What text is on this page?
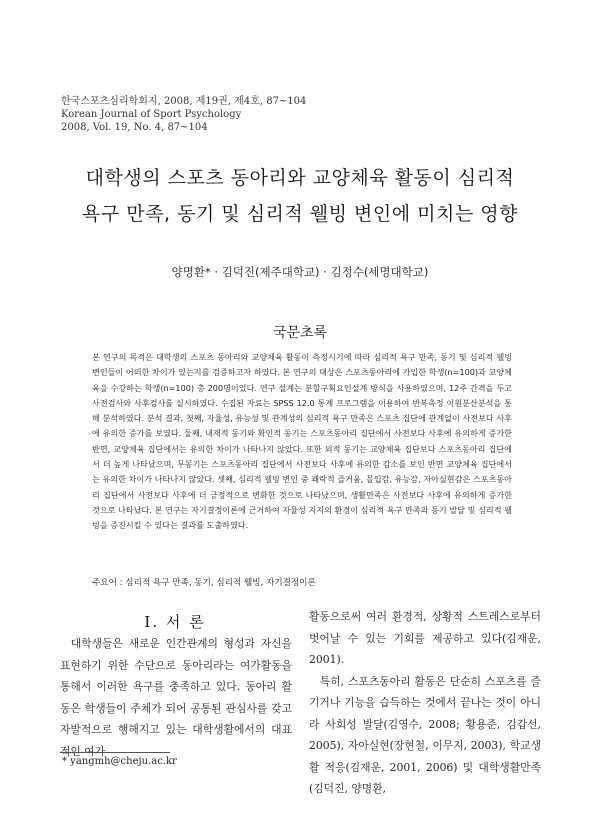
한국스포츠심리학회지, 2008, 제19권, 제4호, 87~104
Korean Journal of Sport Psychology
2008, Vol. 19, No. 4, 87~104
대학생의 스포츠 동아리와 교양체육 활동이 심리적
욕구 만족, 동기 및 심리적 웰빙 변인에 미치는 영향
양명환* · 김덕진(제주대학교) · 김정수(세명대학교)
국문초록
본 연구의 목적은 대학생의 스포츠 동아리와 교양체육 활동이 측정시기에 따라 심리적 욕구 만족, 동기 및 심리적 웰빙 변인들이 어떠한 차이가 있는지를 검증하고자 하였다. 본 연구의 대상은 스포츠동아리에 가입한 학생(n=100)과 교양체육을 수강하는 학생(n=100) 총 200명이었다. 연구 설계는 분할구획요인설계 방식을 사용하였으며, 12주 간격을 두고 사전검사와 사후검사를 실시하였다. 수집된 자료는 SPSS 12.0 통계 프로그램을 이용하여 반복측정 이원분산분석을 통해 분석하였다. 분석 결과, 첫째, 자율성, 유능성 및 관계성의 심리적 욕구 만족은 스포츠 집단에 관계없이 사전보다 사후에 유의한 증가를 보였다. 둘째, 내재적 동기와 확인적 동기는 스포츠동아리 집단에서 사전보다 사후에 유의하게 증가한 반면, 교양체육 집단에서는 유의한 차이가 나타나지 않았다. 또한 외적 동기는 교양체육 집단보다 스포츠동아리 집단에서 더 높게 나타났으며, 무동기는 스포츠동아리 집단에서 사전보다 사후에 유의한 감소를 보인 반면 교양체육 집단에서는 유의한 차이가 나타나지 않았다. 셋째, 심리적 웰빙 변인 중 쾌락적 즐거움, 몰입감, 유능감, 자아실현감은 스포츠동아리 집단에서 사전보다 사후에 더 긍정적으로 변화한 것으로 나타났으며, 생활만족은 사전보다 사후에 유의하게 증가한 것으로 나타났다. 본 연구는 자기결정이론에 근거하여 자율성 지지의 환경이 심리적 욕구 만족과 동기 발달 및 심리적 웰빙을 증진시킬 수 있다는 결과를 도출하였다.
주요어 : 심리적 욕구 만족, 동기, 심리적 웰빙, 자기결정이론
Ⅰ. 서 론
대학생들은 새로운 인간관계의 형성과 자신을 표현하기 위한 수단으로 동아리라는 여가활동을 통해서 이러한 욕구를 충족하고 있다. 동아리 활동은 학생들이 주체가 되어 공통된 관심사를 갖고 자발적으로 행해지고 있는 대학생활에서의 대표적인 여가

활동으로써 여러 환경적, 상황적 스트레스로부터 벗어날 수 있는 기회를 제공하고 있다(김재운, 2001).

특히, 스포츠동아리 활동은 단순히 스포츠를 즐기거나 기능을 습득하는 것에서 끝나는 것이 아니라 사회성 발달(김영수, 2008; 황용준, 김갑선, 2005), 자아실현(장현철, 이무지, 2003), 학교생활 적응(김재운, 2001, 2006) 및 대학생활만족(김덕진, 양명환,

* yangmh@cheju.ac.kr
